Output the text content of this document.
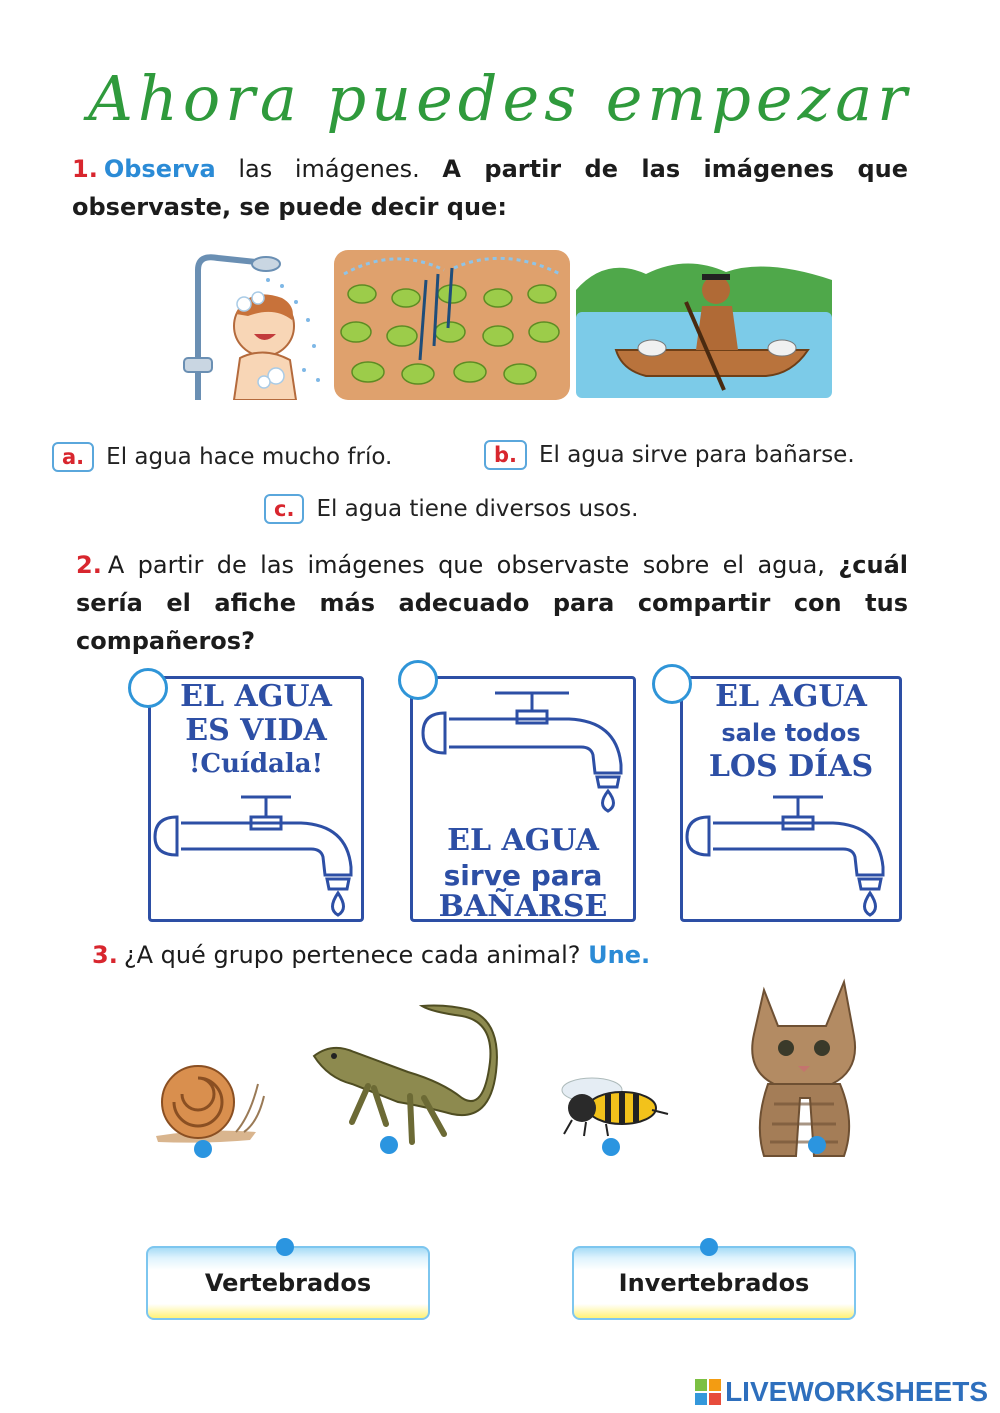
Ahora puedes empezar
1. Observa las imágenes. A partir de las imágenes que observaste, se puede decir que:
a. El agua hace mucho frío.	b. El agua sirve para bañarse.
c. El agua tiene diversos usos.
2. A partir de las imágenes que observaste sobre el agua, ¿cuál sería el afiche más adecuado para compartir con tus compañeros?
EL AGUA
ES VIDA
!Cuídala!
EL AGUA
sirve para
BAÑARSE
EL AGUA
sale todos
LOS DÍAS
3. ¿A qué grupo pertenece cada animal? Une.
Vertebrados	Invertebrados
LIVEWORKSHEETS
